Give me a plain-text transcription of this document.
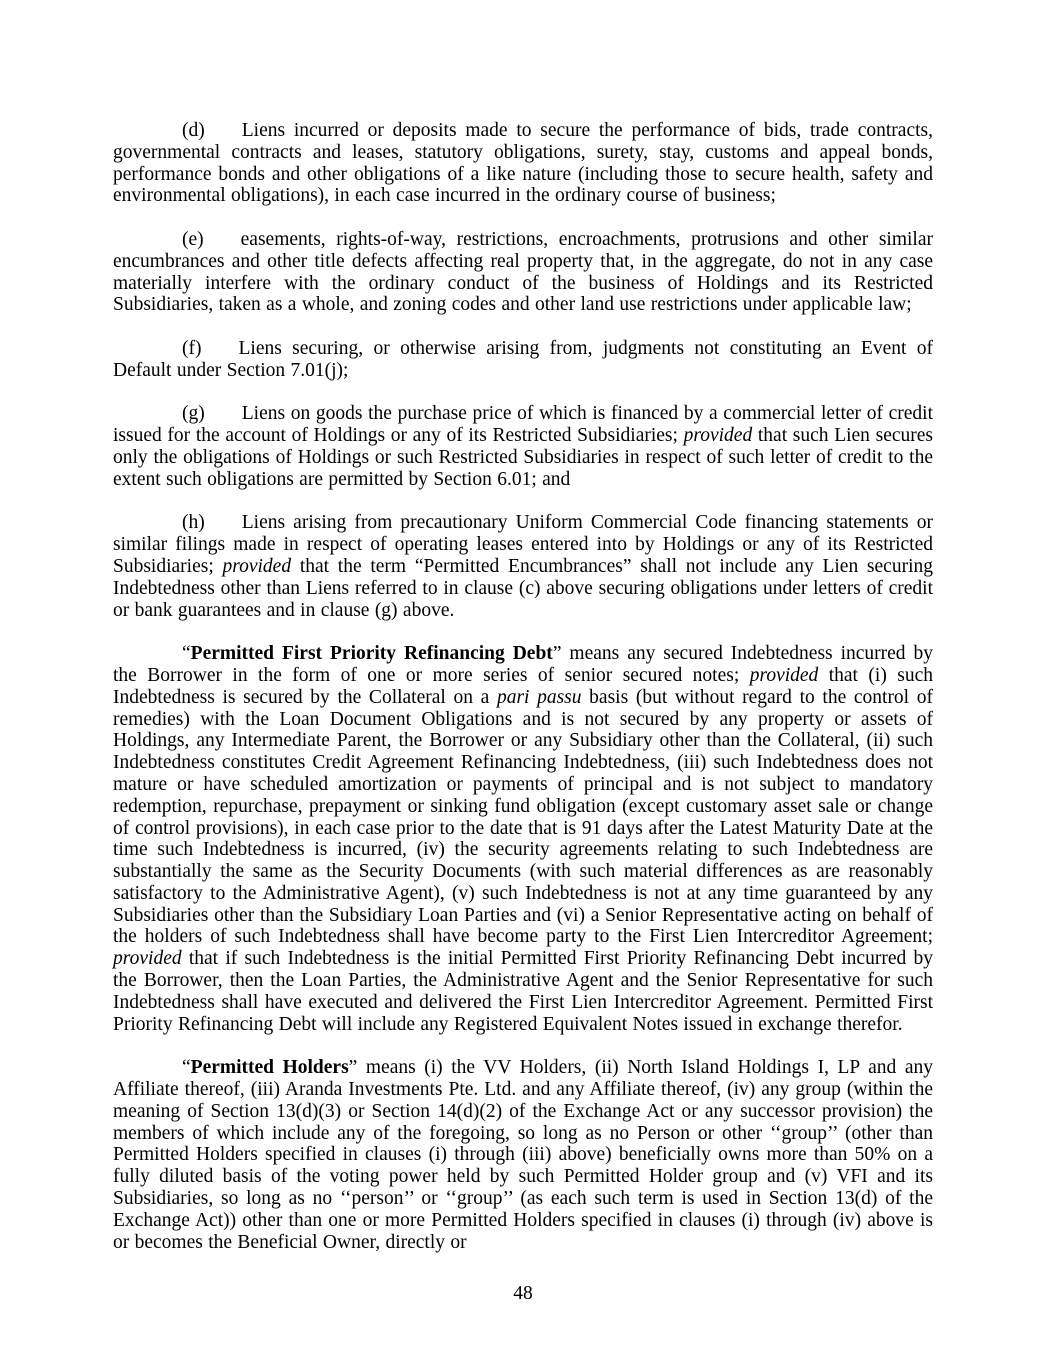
(d) Liens incurred or deposits made to secure the performance of bids, trade contracts, governmental contracts and leases, statutory obligations, surety, stay, customs and appeal bonds, performance bonds and other obligations of a like nature (including those to secure health, safety and environmental obligations), in each case incurred in the ordinary course of business;
(e) easements, rights-of-way, restrictions, encroachments, protrusions and other similar encumbrances and other title defects affecting real property that, in the aggregate, do not in any case materially interfere with the ordinary conduct of the business of Holdings and its Restricted Subsidiaries, taken as a whole, and zoning codes and other land use restrictions under applicable law;
(f) Liens securing, or otherwise arising from, judgments not constituting an Event of Default under Section 7.01(j);
(g) Liens on goods the purchase price of which is financed by a commercial letter of credit issued for the account of Holdings or any of its Restricted Subsidiaries; provided that such Lien secures only the obligations of Holdings or such Restricted Subsidiaries in respect of such letter of credit to the extent such obligations are permitted by Section 6.01; and
(h) Liens arising from precautionary Uniform Commercial Code financing statements or similar filings made in respect of operating leases entered into by Holdings or any of its Restricted Subsidiaries; provided that the term “Permitted Encumbrances” shall not include any Lien securing Indebtedness other than Liens referred to in clause (c) above securing obligations under letters of credit or bank guarantees and in clause (g) above.
“Permitted First Priority Refinancing Debt” means any secured Indebtedness incurred by the Borrower in the form of one or more series of senior secured notes; provided that (i) such Indebtedness is secured by the Collateral on a pari passu basis (but without regard to the control of remedies) with the Loan Document Obligations and is not secured by any property or assets of Holdings, any Intermediate Parent, the Borrower or any Subsidiary other than the Collateral, (ii) such Indebtedness constitutes Credit Agreement Refinancing Indebtedness, (iii) such Indebtedness does not mature or have scheduled amortization or payments of principal and is not subject to mandatory redemption, repurchase, prepayment or sinking fund obligation (except customary asset sale or change of control provisions), in each case prior to the date that is 91 days after the Latest Maturity Date at the time such Indebtedness is incurred, (iv) the security agreements relating to such Indebtedness are substantially the same as the Security Documents (with such material differences as are reasonably satisfactory to the Administrative Agent), (v) such Indebtedness is not at any time guaranteed by any Subsidiaries other than the Subsidiary Loan Parties and (vi) a Senior Representative acting on behalf of the holders of such Indebtedness shall have become party to the First Lien Intercreditor Agreement; provided that if such Indebtedness is the initial Permitted First Priority Refinancing Debt incurred by the Borrower, then the Loan Parties, the Administrative Agent and the Senior Representative for such Indebtedness shall have executed and delivered the First Lien Intercreditor Agreement. Permitted First Priority Refinancing Debt will include any Registered Equivalent Notes issued in exchange therefor.
“Permitted Holders” means (i) the VV Holders, (ii) North Island Holdings I, LP and any Affiliate thereof, (iii) Aranda Investments Pte. Ltd. and any Affiliate thereof, (iv) any group (within the meaning of Section 13(d)(3) or Section 14(d)(2) of the Exchange Act or any successor provision) the members of which include any of the foregoing, so long as no Person or other ‘‘group’’ (other than Permitted Holders specified in clauses (i) through (iii) above) beneficially owns more than 50% on a fully diluted basis of the voting power held by such Permitted Holder group and (v) VFI and its Subsidiaries, so long as no ‘‘person’’ or ‘‘group’’ (as each such term is used in Section 13(d) of the Exchange Act)) other than one or more Permitted Holders specified in clauses (i) through (iv) above is or becomes the Beneficial Owner, directly or
48
